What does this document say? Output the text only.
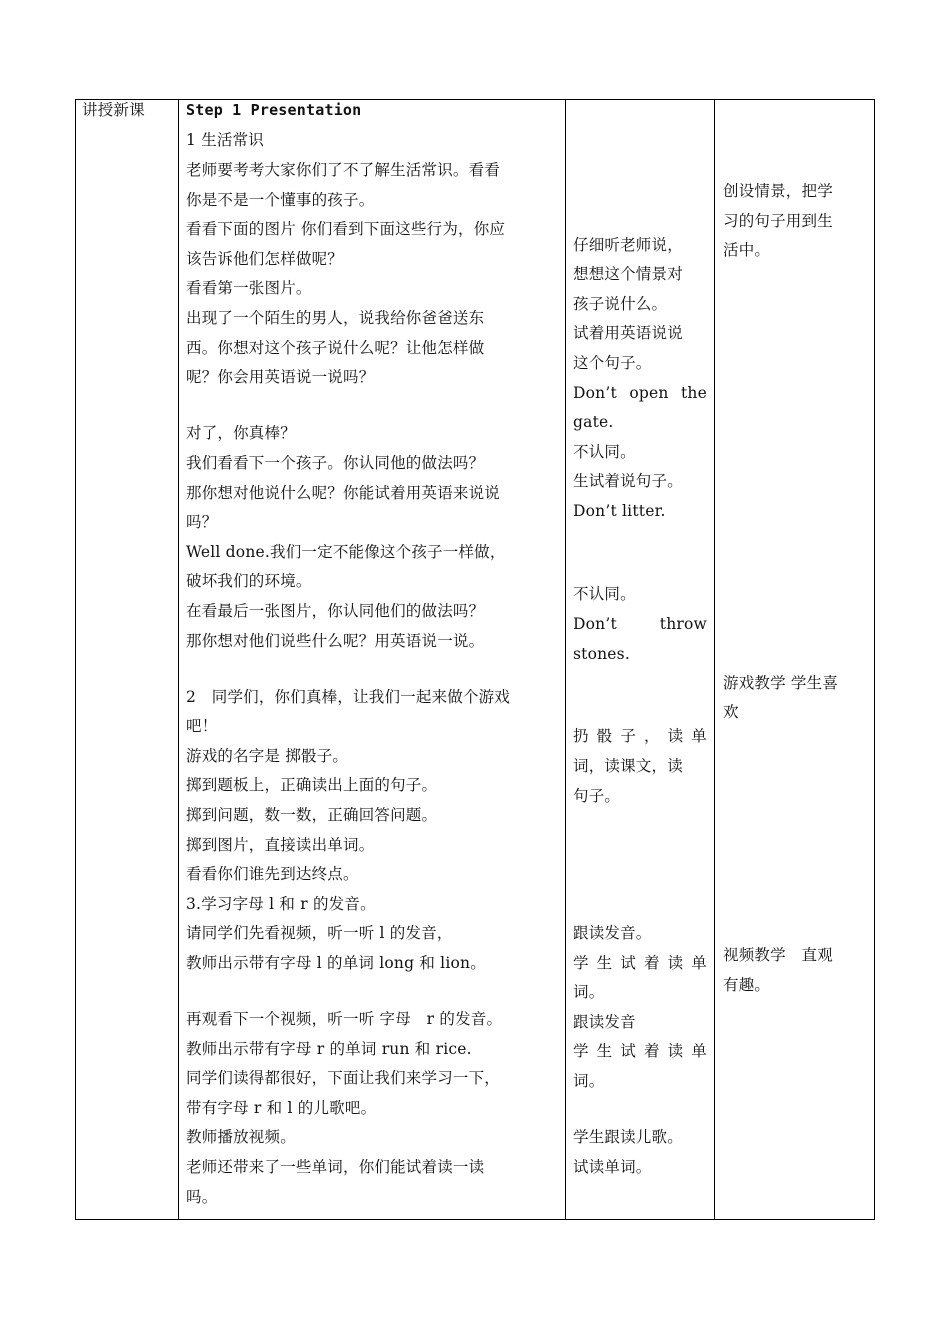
讲授新课	Step 1 Presentation
1 生活常识
老师要考考大家你们了不了解生活常识。看看
你是不是一个懂事的孩子。
看看下面的图片 你们看到下面这些行为，你应
该告诉他们怎样做呢？
看看第一张图片。
出现了一个陌生的男人，说我给你爸爸送东
西。你想对这个孩子说什么呢？让他怎样做
呢？你会用英语说一说吗？
对了，你真棒？
我们看看下一个孩子。你认同他的做法吗？
那你想对他说什么呢？你能试着用英语来说说
吗？
Well done.我们一定不能像这个孩子一样做，
破坏我们的环境。
在看最后一张图片，你认同他们的做法吗？
那你想对他们说些什么呢？用英语说一说。
2　同学们，你们真棒，让我们一起来做个游戏
吧！
游戏的名字是 掷骰子。
掷到题板上，正确读出上面的句子。
掷到问题，数一数，正确回答问题。
掷到图片，直接读出单词。
看看你们谁先到达终点。
3.学习字母 l 和 r 的发音。
请同学们先看视频，听一听 l 的发音，
教师出示带有字母 l 的单词 long 和 lion。
再观看下一个视频，听一听 字母　r 的发音。
教师出示带有字母 r 的单词 run 和 rice.
同学们读得都很好，下面让我们来学习一下，
带有字母 r 和 l 的儿歌吧。
教师播放视频。
老师还带来了一些单词，你们能试着读一读
吗。
仔细听老师说，
想想这个情景对
孩子说什么。
试着用英语说说
这个句子。
Don’t open the
gate.
不认同。
生试着说句子。
Don’t litter.
不认同。
Don’t throw
stones.
扔骰子，读单
词，读课文，读
句子。
跟读发音。
学生试着读单
词。
跟读发音
学生试着读单
词。
学生跟读儿歌。
试读单词。
创设情景，把学
习的句子用到生
活中。
游戏教学 学生喜
欢
视频教学　直观
有趣。
